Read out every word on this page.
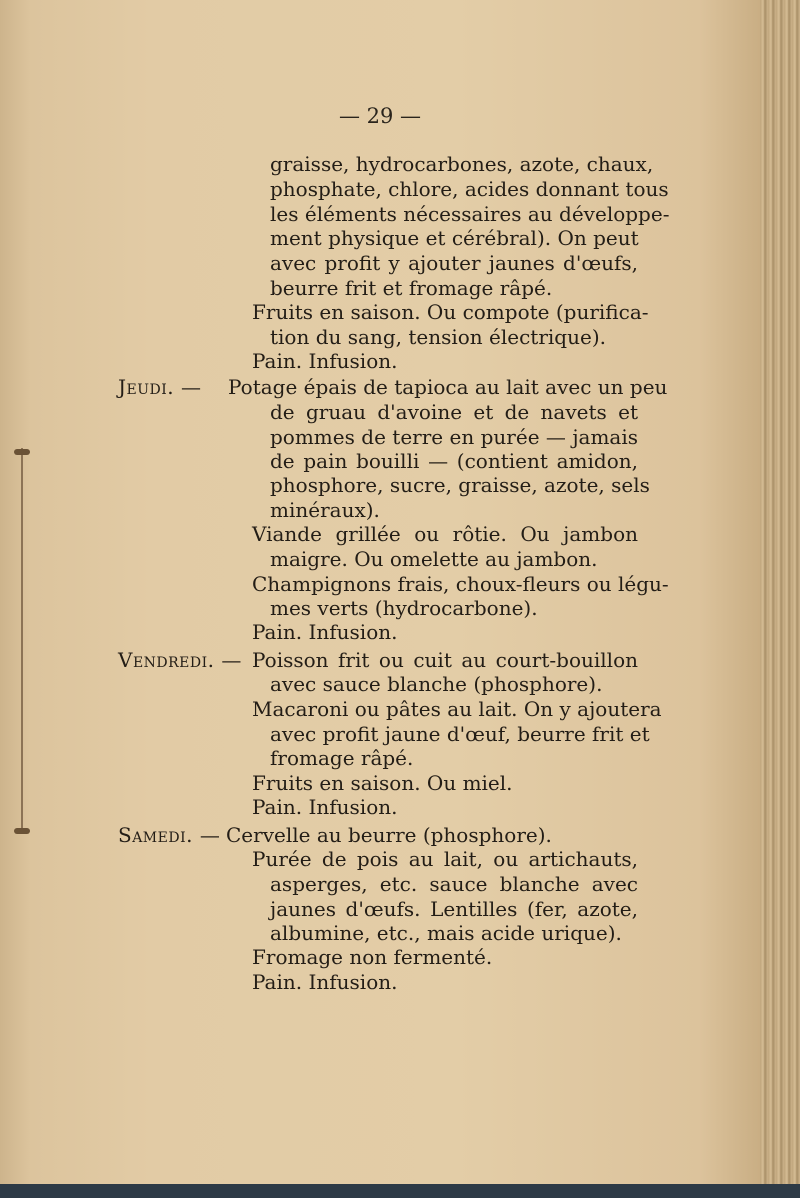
— 29 —
graisse, hydrocarbones, azote, chaux,
phosphate, chlore, acides donnant tous
les éléments nécessaires au développe-
ment physique et cérébral). On peut
avec profit y ajouter jaunes d'œufs,
beurre frit et fromage râpé.
Fruits en saison. Ou compote (purifica-
tion du sang, tension électrique).
Pain. Infusion.
Jeudi. — Potage épais de tapioca au lait avec un peu
de gruau d'avoine et de navets et
pommes de terre en purée — jamais
de pain bouilli — (contient amidon,
phosphore, sucre, graisse, azote, sels
minéraux).
Viande grillée ou rôtie. Ou jambon
maigre. Ou omelette au jambon.
Champignons frais, choux-fleurs ou légu-
mes verts (hydrocarbone).
Pain. Infusion.
Vendredi. — Poisson frit ou cuit au court-bouillon
avec sauce blanche (phosphore).
Macaroni ou pâtes au lait. On y ajoutera
avec profit jaune d'œuf, beurre frit et
fromage râpé.
Fruits en saison. Ou miel.
Pain. Infusion.
Samedi. — Cervelle au beurre (phosphore).
Purée de pois au lait, ou artichauts,
asperges, etc. sauce blanche avec
jaunes d'œufs. Lentilles (fer, azote,
albumine, etc., mais acide urique).
Fromage non fermenté.
Pain. Infusion.
